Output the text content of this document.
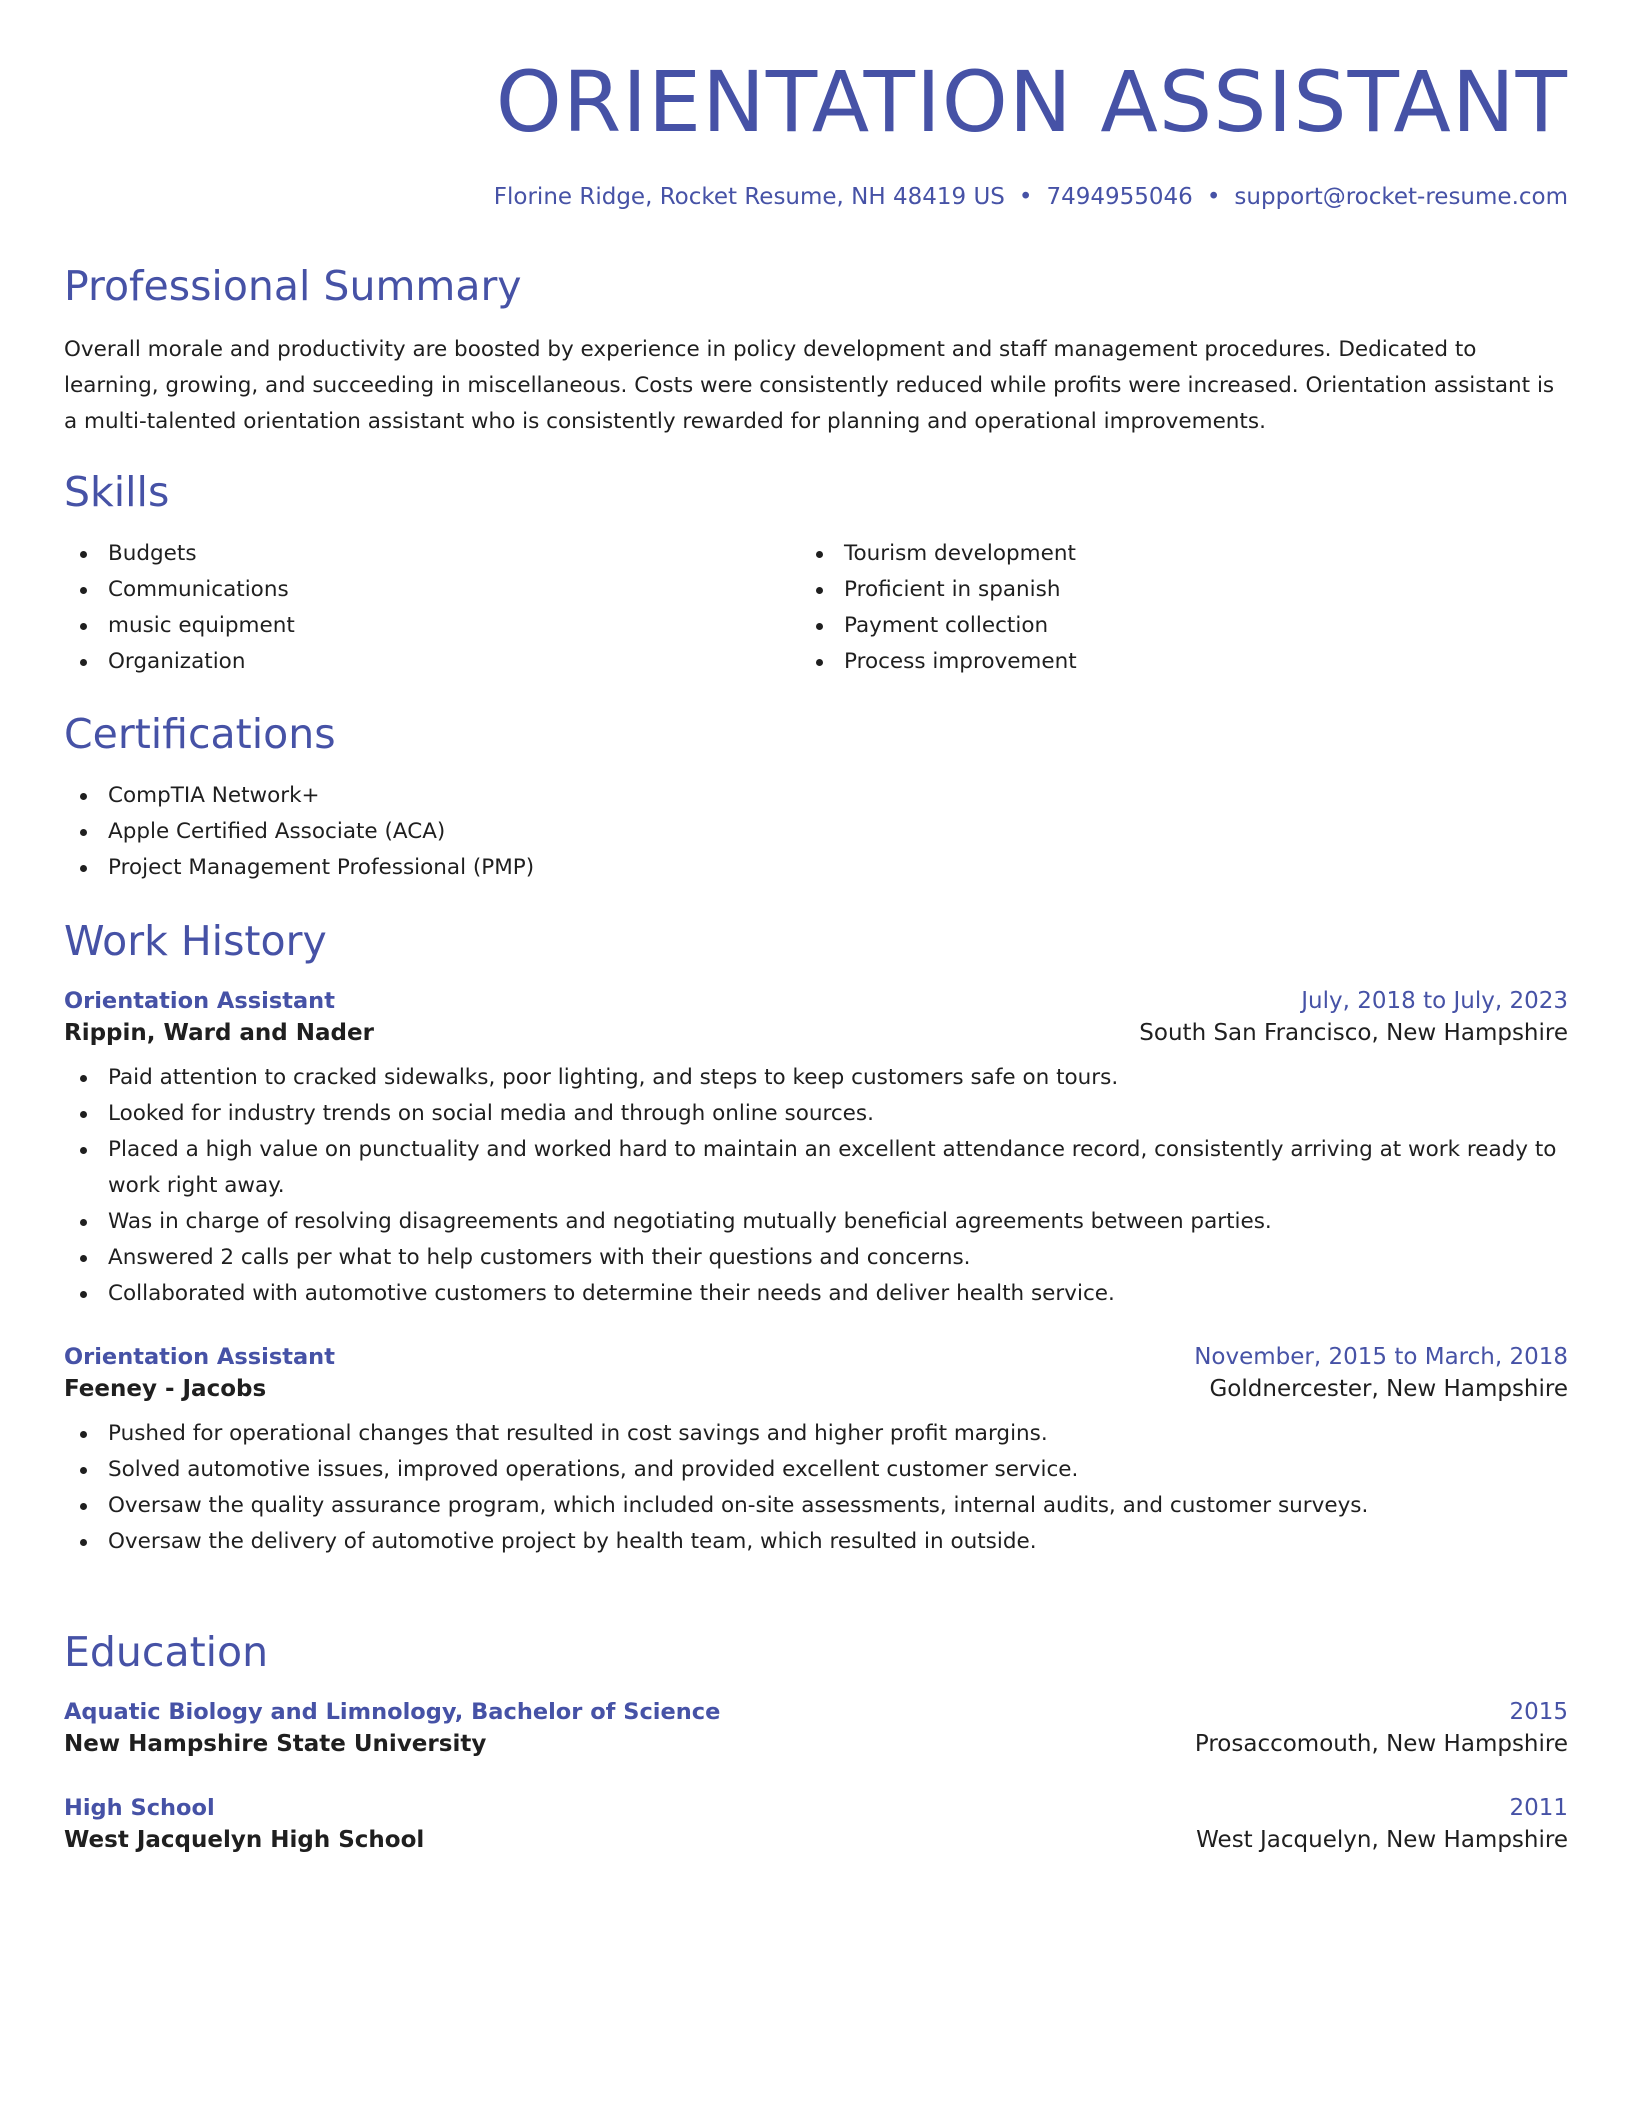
ORIENTATION ASSISTANT
Florine Ridge, Rocket Resume, NH 48419 US • 7494955046 • support@rocket-resume.com
Professional Summary

Overall morale and productivity are boosted by experience in policy development and staff management procedures. Dedicated to learning, growing, and succeeding in miscellaneous. Costs were consistently reduced while profits were increased. Orientation assistant is a multi-talented orientation assistant who is consistently rewarded for planning and operational improvements.

Skills
Budgets
Communications
music equipment
Organization
Tourism development
Proficient in spanish
Payment collection
Process improvement
Certifications
CompTIA Network+
Apple Certified Associate (ACA)
Project Management Professional (PMP)
Work History
Orientation Assistant	July, 2018 to July, 2023
Rippin, Ward and Nader	South San Francisco, New Hampshire
Paid attention to cracked sidewalks, poor lighting, and steps to keep customers safe on tours.
Looked for industry trends on social media and through online sources.
Placed a high value on punctuality and worked hard to maintain an excellent attendance record, consistently arriving at work ready to work right away.
Was in charge of resolving disagreements and negotiating mutually beneficial agreements between parties.
Answered 2 calls per what to help customers with their questions and concerns.
Collaborated with automotive customers to determine their needs and deliver health service.
Orientation Assistant	November, 2015 to March, 2018
Feeney - Jacobs	Goldnercester, New Hampshire
Pushed for operational changes that resulted in cost savings and higher profit margins.
Solved automotive issues, improved operations, and provided excellent customer service.
Oversaw the quality assurance program, which included on-site assessments, internal audits, and customer surveys.
Oversaw the delivery of automotive project by health team, which resulted in outside.
Education
Aquatic Biology and Limnology, Bachelor of Science	2015
New Hampshire State University	Prosaccomouth, New Hampshire
High School	2011
West Jacquelyn High School	West Jacquelyn, New Hampshire
